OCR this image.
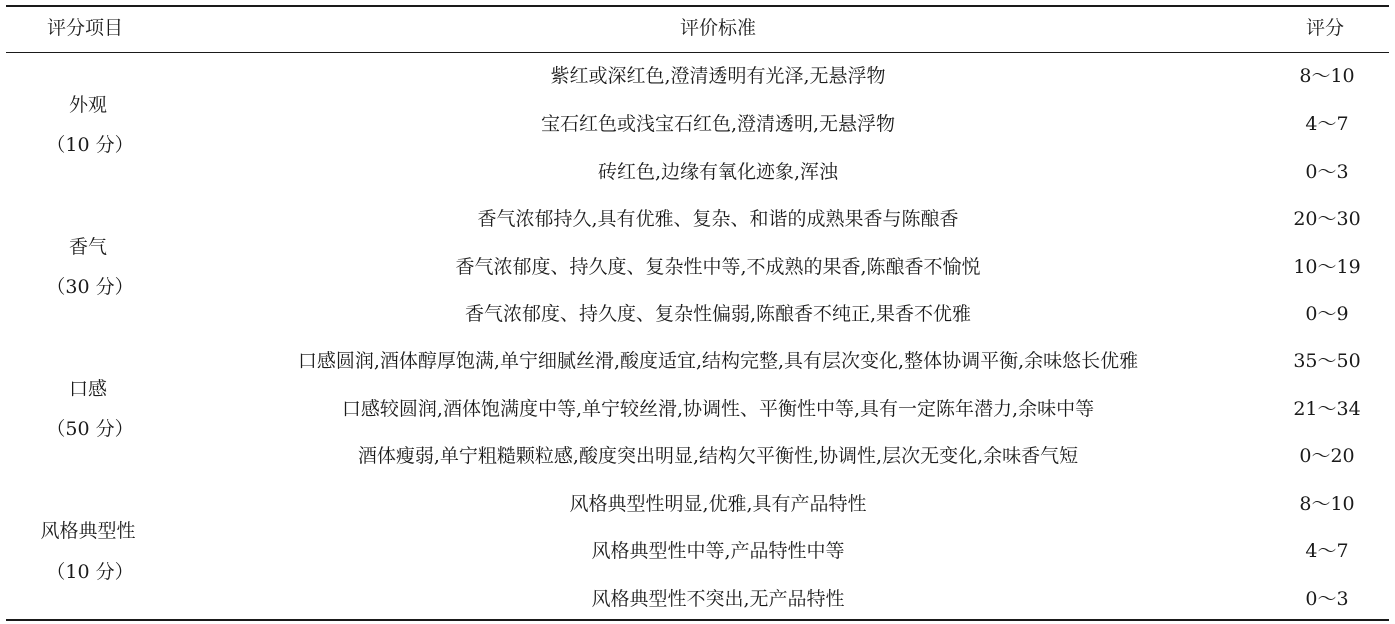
评分项目	评价标准	评分
外观
（10 分）
紫红或深红色,澄清透明有光泽,无悬浮物	8～10
宝石红色或浅宝石红色,澄清透明,无悬浮物	4～7
砖红色,边缘有氧化迹象,浑浊	0～3
香气
（30 分）
香气浓郁持久,具有优雅、复杂、和谐的成熟果香与陈酿香	20～30
香气浓郁度、持久度、复杂性中等,不成熟的果香,陈酿香不愉悦	10～19
香气浓郁度、持久度、复杂性偏弱,陈酿香不纯正,果香不优雅	0～9
口感
（50 分）
口感圆润,酒体醇厚饱满,单宁细腻丝滑,酸度适宜,结构完整,具有层次变化,整体协调平衡,余味悠长优雅	35～50
口感较圆润,酒体饱满度中等,单宁较丝滑,协调性、平衡性中等,具有一定陈年潜力,余味中等	21～34
酒体瘦弱,单宁粗糙颗粒感,酸度突出明显,结构欠平衡性,协调性,层次无变化,余味香气短	0～20
风格典型性
（10 分）
风格典型性明显,优雅,具有产品特性	8～10
风格典型性中等,产品特性中等	4～7
风格典型性不突出,无产品特性	0～3
